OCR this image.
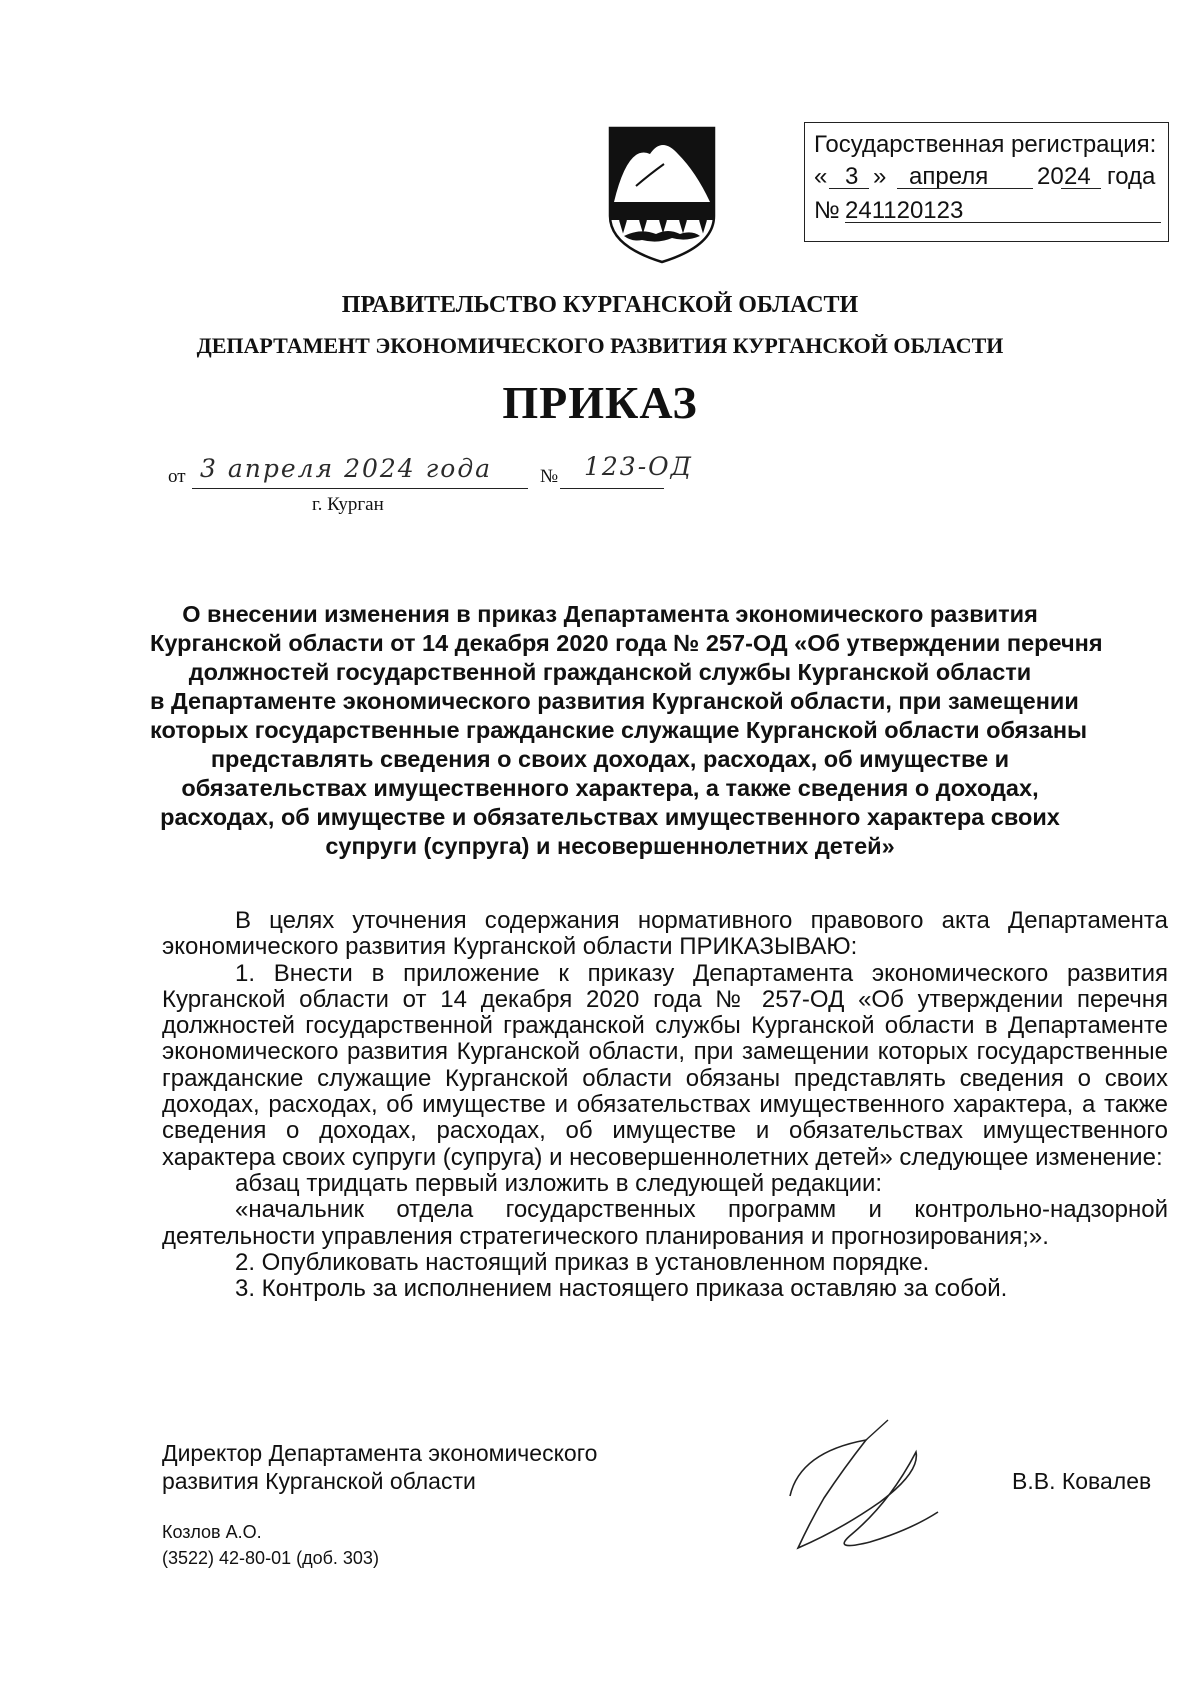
Государственная регистрация:
« 3 » апреля 20 24 года
№ 241120123
ПРАВИТЕЛЬСТВО КУРГАНСКОЙ ОБЛАСТИ
ДЕПАРТАМЕНТ ЭКОНОМИЧЕСКОГО РАЗВИТИЯ КУРГАНСКОЙ ОБЛАСТИ
ПРИКАЗ
от 3 апреля 2024 года	№ 123-ОД
г. Курган
О внесении изменения в приказ Департамента экономического развития
Курганской области от 14 декабря 2020 года № 257-ОД «Об утверждении перечня
должностей государственной гражданской службы Курганской области
в Департаменте экономического развития Курганской области, при замещении
которых государственные гражданские служащие Курганской области обязаны
представлять сведения о своих доходах, расходах, об имуществе и
обязательствах имущественного характера, а также сведения о доходах,
расходах, об имуществе и обязательствах имущественного характера своих
супруги (супруга) и несовершеннолетних детей»

В целях уточнения содержания нормативного правового акта Департамента экономического развития Курганской области ПРИКАЗЫВАЮ:

1. Внести в приложение к приказу Департамента экономического развития Курганской области от 14 декабря 2020 года № 257-ОД «Об утверждении перечня должностей государственной гражданской службы Курганской области в Департаменте экономического развития Курганской области, при замещении которых государственные гражданские служащие Курганской области обязаны представлять сведения о своих доходах, расходах, об имуществе и обязательствах имущественного характера, а также сведения о доходах, расходах, об имуществе и обязательствах имущественного характера своих супруги (супруга) и несовершеннолетних детей» следующее изменение:

абзац тридцать первый изложить в следующей редакции:

«начальник отдела государственных программ и контрольно-надзорной деятельности управления стратегического планирования и прогнозирования;».

2. Опубликовать настоящий приказ в установленном порядке.

3. Контроль за исполнением настоящего приказа оставляю за собой.

Директор Департамента экономического
развития Курганской области	В.В. Ковалев
Козлов А.О.
(3522) 42-80-01 (доб. 303)
